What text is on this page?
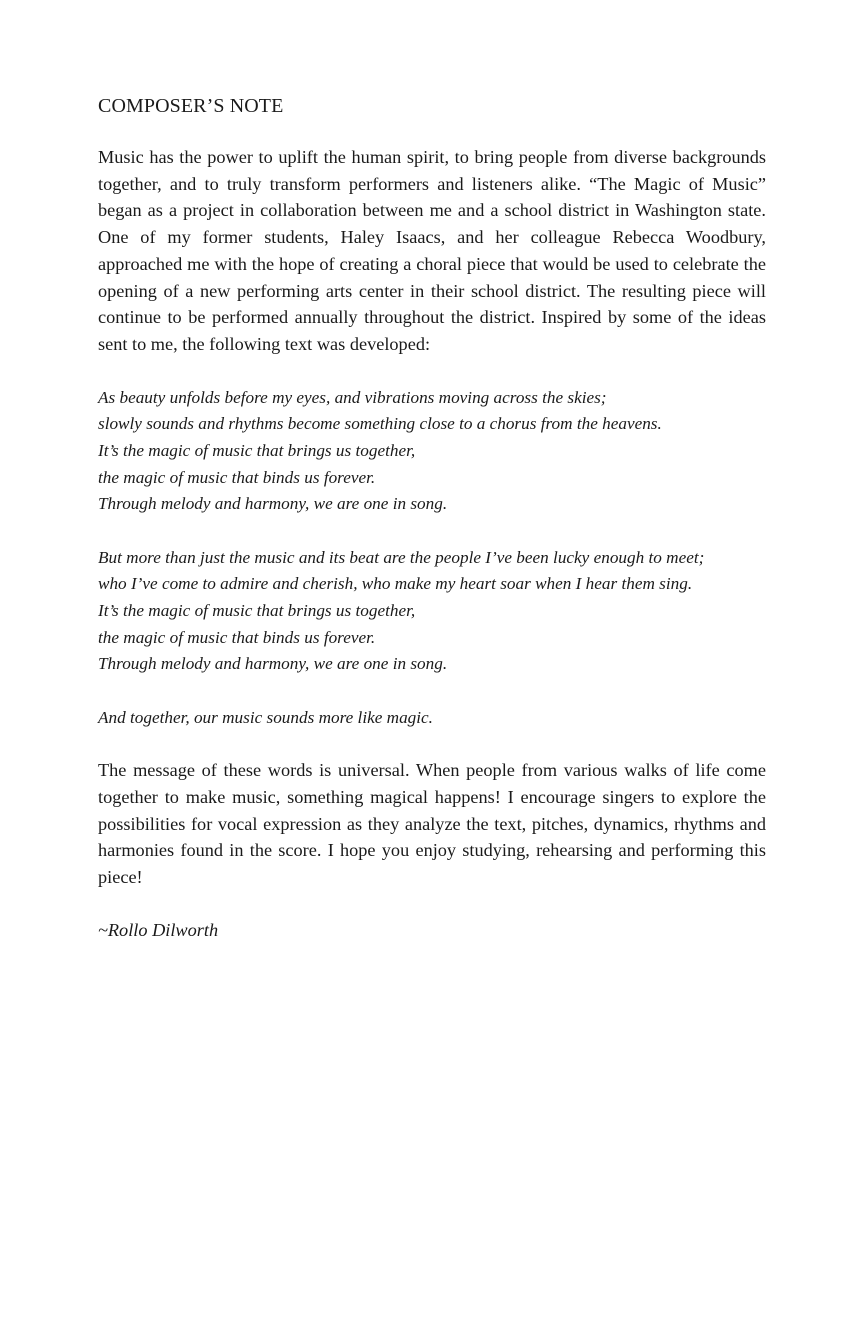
COMPOSER’S NOTE

Music has the power to uplift the human spirit, to bring people from diverse backgrounds together, and to truly transform performers and listeners alike. “The Magic of Music” began as a project in collaboration between me and a school district in Washington state. One of my former students, Haley Isaacs, and her colleague Rebecca Woodbury, approached me with the hope of creating a choral piece that would be used to celebrate the opening of a new performing arts center in their school district. The resulting piece will continue to be performed annually throughout the district. Inspired by some of the ideas sent to me, the following text was developed:

As beauty unfolds before my eyes, and vibrations moving across the skies;
slowly sounds and rhythms become something close to a chorus from the heavens.
It’s the magic of music that brings us together,
the magic of music that binds us forever.
Through melody and harmony, we are one in song.
But more than just the music and its beat are the people I’ve been lucky enough to meet;
who I’ve come to admire and cherish, who make my heart soar when I hear them sing.
It’s the magic of music that brings us together,
the magic of music that binds us forever.
Through melody and harmony, we are one in song.
And together, our music sounds more like magic.

The message of these words is universal. When people from various walks of life come together to make music, something magical happens! I encourage singers to explore the possibilities for vocal expression as they analyze the text, pitches, dynamics, rhythms and harmonies found in the score. I hope you enjoy studying, rehearsing and performing this piece!

~Rollo Dilworth
